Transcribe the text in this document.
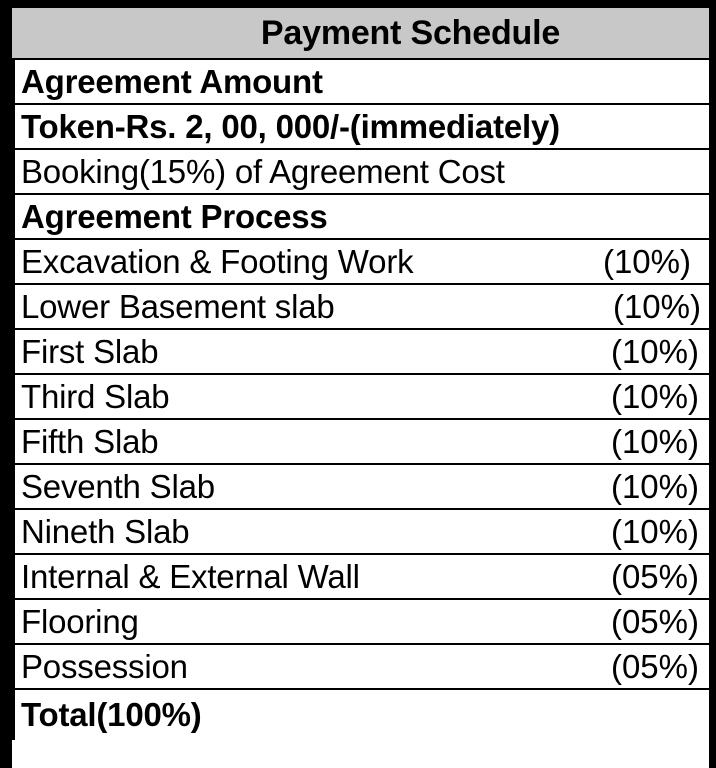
Payment Schedule
Agreement Amount
Token-Rs. 2, 00, 000/-(immediately)
Booking(15%) of Agreement Cost
Agreement Process
Excavation & Footing Work	(10%)
Lower Basement slab	(10%)
First Slab	(10%)
Third Slab	(10%)
Fifth Slab	(10%)
Seventh Slab	(10%)
Nineth Slab	(10%)
Internal & External Wall	(05%)
Flooring	(05%)
Possession	(05%)
Total(100%)
